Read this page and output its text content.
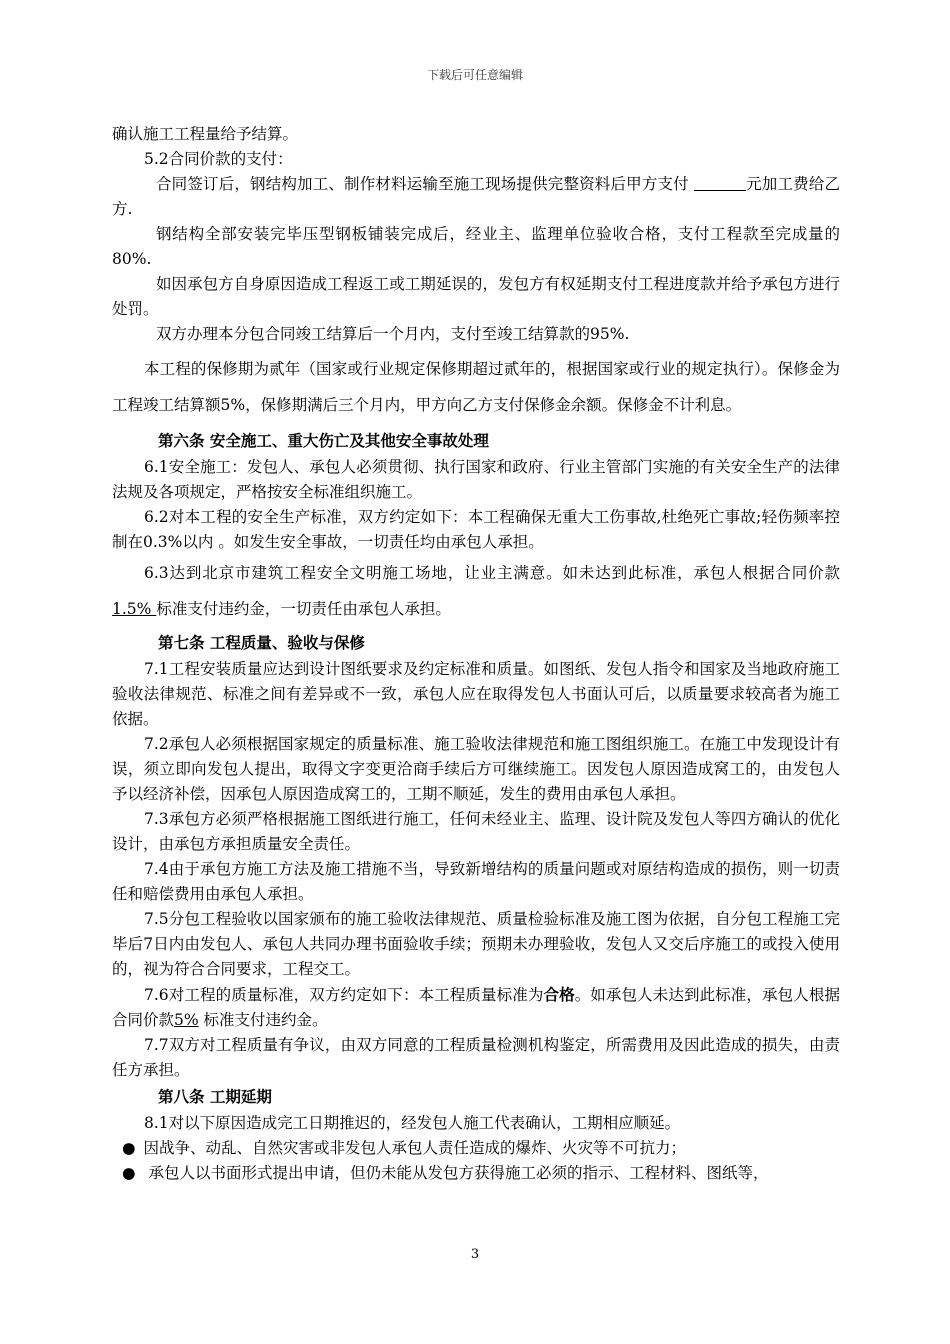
下载后可任意编辑

确认施工工程量给予结算。

5.2合同价款的支付：

合同签订后，钢结构加工、制作材料运输至施工现场提供完整资料后甲方支付	元加工费给乙方.

钢结构全部安装完毕压型钢板铺装完成后，经业主、监理单位验收合格，支付工程款至完成量的80%.

如因承包方自身原因造成工程返工或工期延误的，发包方有权延期支付工程进度款并给予承包方进行处罚。

双方办理本分包合同竣工结算后一个月内，支付至竣工结算款的95%.

本工程的保修期为贰年（国家或行业规定保修期超过贰年的，根据国家或行业的规定执行）。保修金为工程竣工结算额5%，保修期满后三个月内，甲方向乙方支付保修金余额。保修金不计利息。

第六条 安全施工、重大伤亡及其他安全事故处理

6.1安全施工：发包人、承包人必须贯彻、执行国家和政府、行业主管部门实施的有关安全生产的法律法规及各项规定，严格按安全标准组织施工。

6.2对本工程的安全生产标准，双方约定如下：本工程确保无重大工伤事故,杜绝死亡事故;轻伤频率控制在0.3%以内 。如发生安全事故，一切责任均由承包人承担。

6.3达到北京市建筑工程安全文明施工场地，让业主满意。如未达到此标准，承包人根据合同价款 1.5% 标准支付违约金，一切责任由承包人承担。

第七条 工程质量、验收与保修

7.1工程安装质量应达到设计图纸要求及约定标准和质量。如图纸、发包人指令和国家及当地政府施工验收法律规范、标准之间有差异或不一致，承包人应在取得发包人书面认可后，以质量要求较高者为施工依据。

7.2承包人必须根据国家规定的质量标准、施工验收法律规范和施工图组织施工。在施工中发现设计有误，须立即向发包人提出，取得文字变更洽商手续后方可继续施工。因发包人原因造成窝工的，由发包人予以经济补偿，因承包人原因造成窝工的，工期不顺延，发生的费用由承包人承担。

7.3承包方必须严格根据施工图纸进行施工，任何未经业主、监理、设计院及发包人等四方确认的优化设计，由承包方承担质量安全责任。

7.4由于承包方施工方法及施工措施不当，导致新增结构的质量问题或对原结构造成的损伤，则一切责任和赔偿费用由承包人承担。

7.5分包工程验收以国家颁布的施工验收法律规范、质量检验标准及施工图为依据，自分包工程施工完毕后7日内由发包人、承包人共同办理书面验收手续；预期未办理验收，发包人又交后序施工的或投入使用的，视为符合合同要求，工程交工。

7.6对工程的质量标准，双方约定如下：本工程质量标准为合格。如承包人未达到此标准，承包人根据合同价款5% 标准支付违约金。

7.7双方对工程质量有争议，由双方同意的工程质量检测机构鉴定，所需费用及因此造成的损失，由责任方承担。

第八条 工期延期

8.1对以下原因造成完工日期推迟的，经发包人施工代表确认，工期相应顺延。

● 因战争、动乱、自然灾害或非发包人承包人责任造成的爆炸、火灾等不可抗力；

● 承包人以书面形式提出申请，但仍未能从发包方获得施工必须的指示、工程材料、图纸等，

3
